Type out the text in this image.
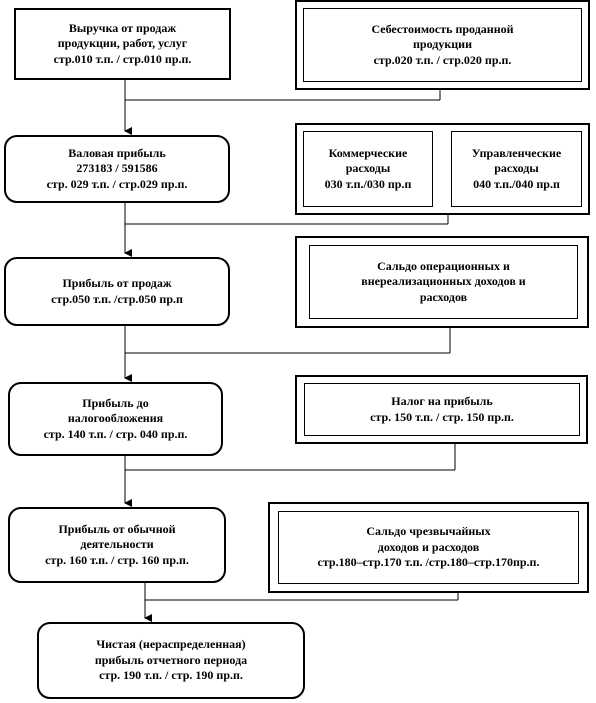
Выручка от продаж
продукции, работ, услуг
стр.010 т.п. / стр.010 пр.п.
Себестоимость проданной
продукции
стр.020 т.п. / стр.020 пр.п.
Коммерческие
расходы
030 т.п./030 пр.п
Управленческие
расходы
040 т.п./040 пр.п
Валовая прибыль
273183 / 591586
стр. 029 т.п. / стр.029 пр.п.
Прибыль от продаж
стр.050 т.п. /стр.050 пр.п
Сальдо операционных и
внереализационных доходов и
расходов
Прибыль до
налогообложения
стр. 140 т.п. / стр. 040 пр.п.
Налог на прибыль
стр. 150 т.п. / стр. 150 пр.п.
Прибыль от обычной
деятельности
стр. 160 т.п. / стр. 160 пр.п.
Сальдо чрезвычайных
доходов и расходов
стр.180–стр.170 т.п. /стр.180–стр.170пр.п.
Чистая (нераспределенная)
прибыль отчетного периода
стр. 190 т.п. / стр. 190 пр.п.
